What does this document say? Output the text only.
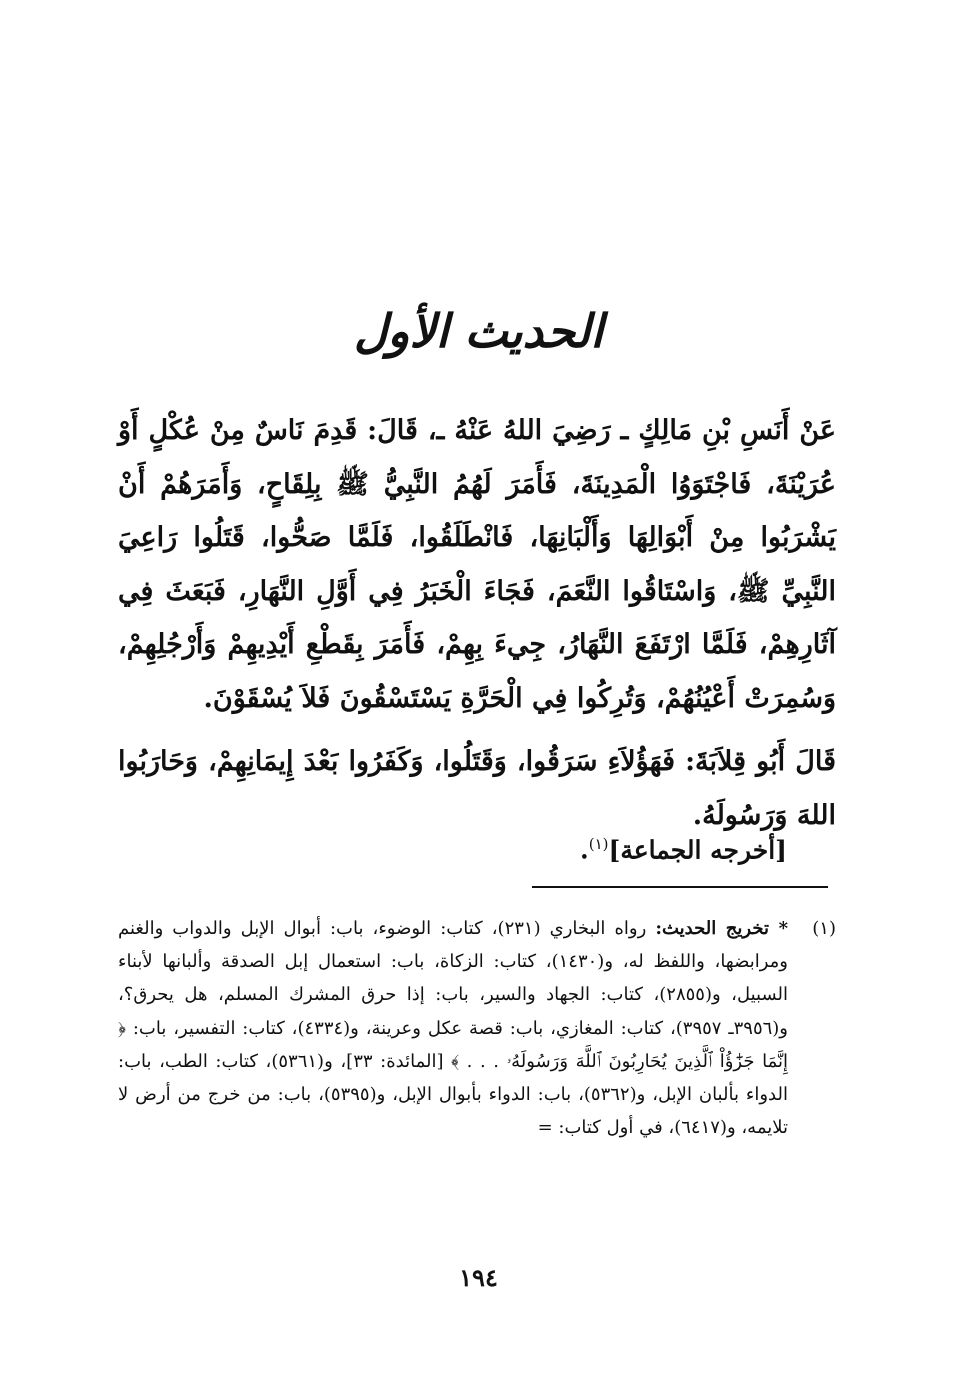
الحديث الأول

عَنْ أَنَسِ بْنِ مَالِكٍ ـ رَضِيَ اللهُ عَنْهُ ـ، قَالَ: قَدِمَ نَاسٌ مِنْ عُكْلٍ أَوْ عُرَيْنَةَ، فَاجْتَوَوُا الْمَدِينَةَ، فَأَمَرَ لَهُمُ النَّبِيُّ ﷺ بِلِقَاحٍ، وَأَمَرَهُمْ أَنْ يَشْرَبُوا مِنْ أَبْوَالِهَا وَأَلْبَانِهَا، فَانْطَلَقُوا، فَلَمَّا صَحُّوا، قَتَلُوا رَاعِيَ النَّبِيِّ ﷺ، وَاسْتَاقُوا النَّعَمَ، فَجَاءَ الْخَبَرُ فِي أَوَّلِ النَّهَارِ، فَبَعَثَ فِي آثَارِهِمْ، فَلَمَّا ارْتَفَعَ النَّهَارُ، جِيءَ بِهِمْ، فَأَمَرَ بِقَطْعِ أَيْدِيهِمْ وَأَرْجُلِهِمْ، وَسُمِرَتْ أَعْيُنُهُمْ، وَتُرِكُوا فِي الْحَرَّةِ يَسْتَسْقُونَ فَلاَ يُسْقَوْنَ.

قَالَ أَبُو قِلاَبَةَ: فَهَؤُلاَءِ سَرَقُوا، وَقَتَلُوا، وَكَفَرُوا بَعْدَ إِيمَانِهِمْ، وَحَارَبُوا اللهَ وَرَسُولَهُ.

[أخرجه الجماعة]$^{(١)}$.
(١)
* تخريج الحديث: رواه البخاري (٢٣١)، كتاب: الوضوء، باب: أبوال الإبل والدواب والغنم ومرابضها، واللفظ له، و(١٤٣٠)، كتاب: الزكاة، باب: استعمال إبل الصدقة وألبانها لأبناء السبيل، و(٢٨٥٥)، كتاب: الجهاد والسير، باب: إذا حرق المشرك المسلم، هل يحرق؟، و(٣٩٥٦ـ ٣٩٥٧)، كتاب: المغازي، باب: قصة عكل وعرينة، و(٤٣٣٤)، كتاب: التفسير، باب: ﴿ إِنَّمَا جَزَٰٓؤُاْ ٱلَّذِينَ يُحَارِبُونَ ٱللَّهَ وَرَسُولَهُۥ . . . ﴾ [المائدة: ٣٣]، و(٥٣٦١)، كتاب: الطب، باب: الدواء بألبان الإبل، و(٥٣٦٢)، باب: الدواء بأبوال الإبل، و(٥٣٩٥)، باب: من خرج من أرض لا تلايمه، و(٦٤١٧)، في أول كتاب: =
١٩٤
